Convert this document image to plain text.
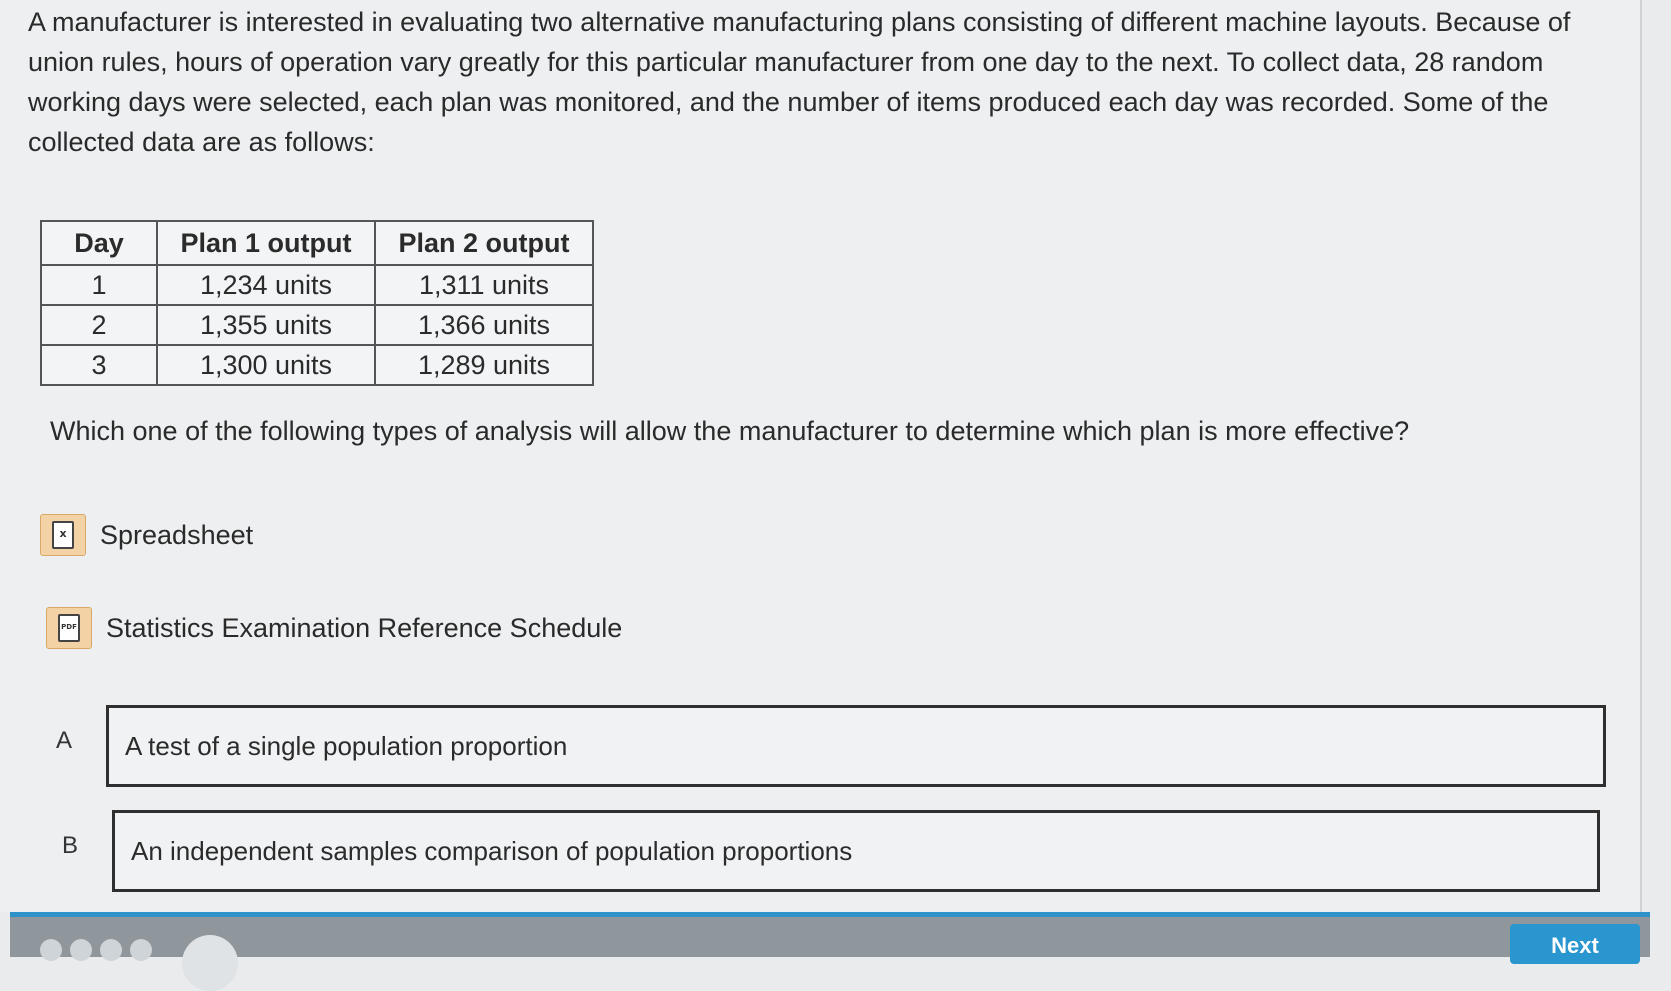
A manufacturer is interested in evaluating two alternative manufacturing plans consisting of different machine layouts. Because of union rules, hours of operation vary greatly for this particular manufacturer from one day to the next. To collect data, 28 random working days were selected, each plan was monitored, and the number of items produced each day was recorded. Some of the collected data are as follows:
Day	Plan 1 output	Plan 2 output
1	1,234 units	1,311 units
2	1,355 units	1,366 units
3	1,300 units	1,289 units
Which one of the following types of analysis will allow the manufacturer to determine which plan is more effective?
x Spreadsheet
PDF Statistics Examination Reference Schedule
A A test of a single population proportion
B An independent samples comparison of population proportions
Next
